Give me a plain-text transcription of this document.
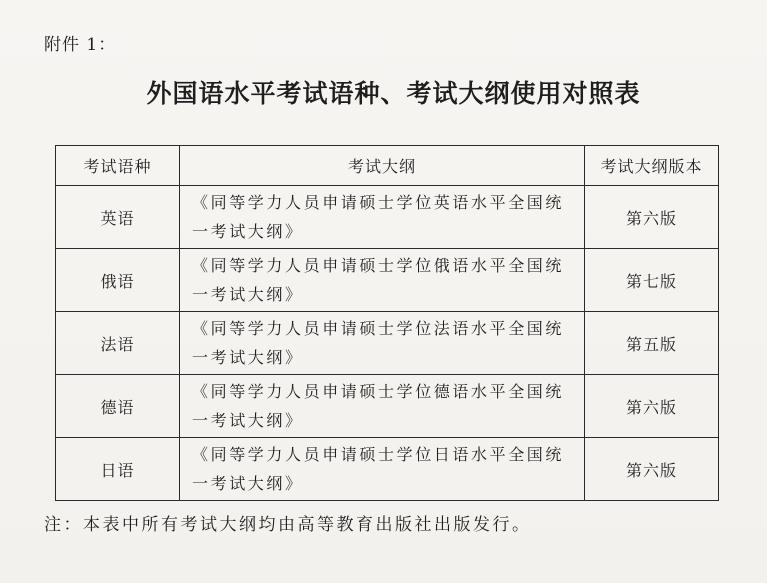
附件 1：
外国语水平考试语种、考试大纲使用对照表
考试语种	考试大纲	考试大纲版本
英语	《同等学力人员申请硕士学位英语水平全国统一考试大纲》	第六版
俄语	《同等学力人员申请硕士学位俄语水平全国统一考试大纲》	第七版
法语	《同等学力人员申请硕士学位法语水平全国统一考试大纲》	第五版
德语	《同等学力人员申请硕士学位德语水平全国统一考试大纲》	第六版
日语	《同等学力人员申请硕士学位日语水平全国统一考试大纲》	第六版
注：本表中所有考试大纲均由高等教育出版社出版发行。
